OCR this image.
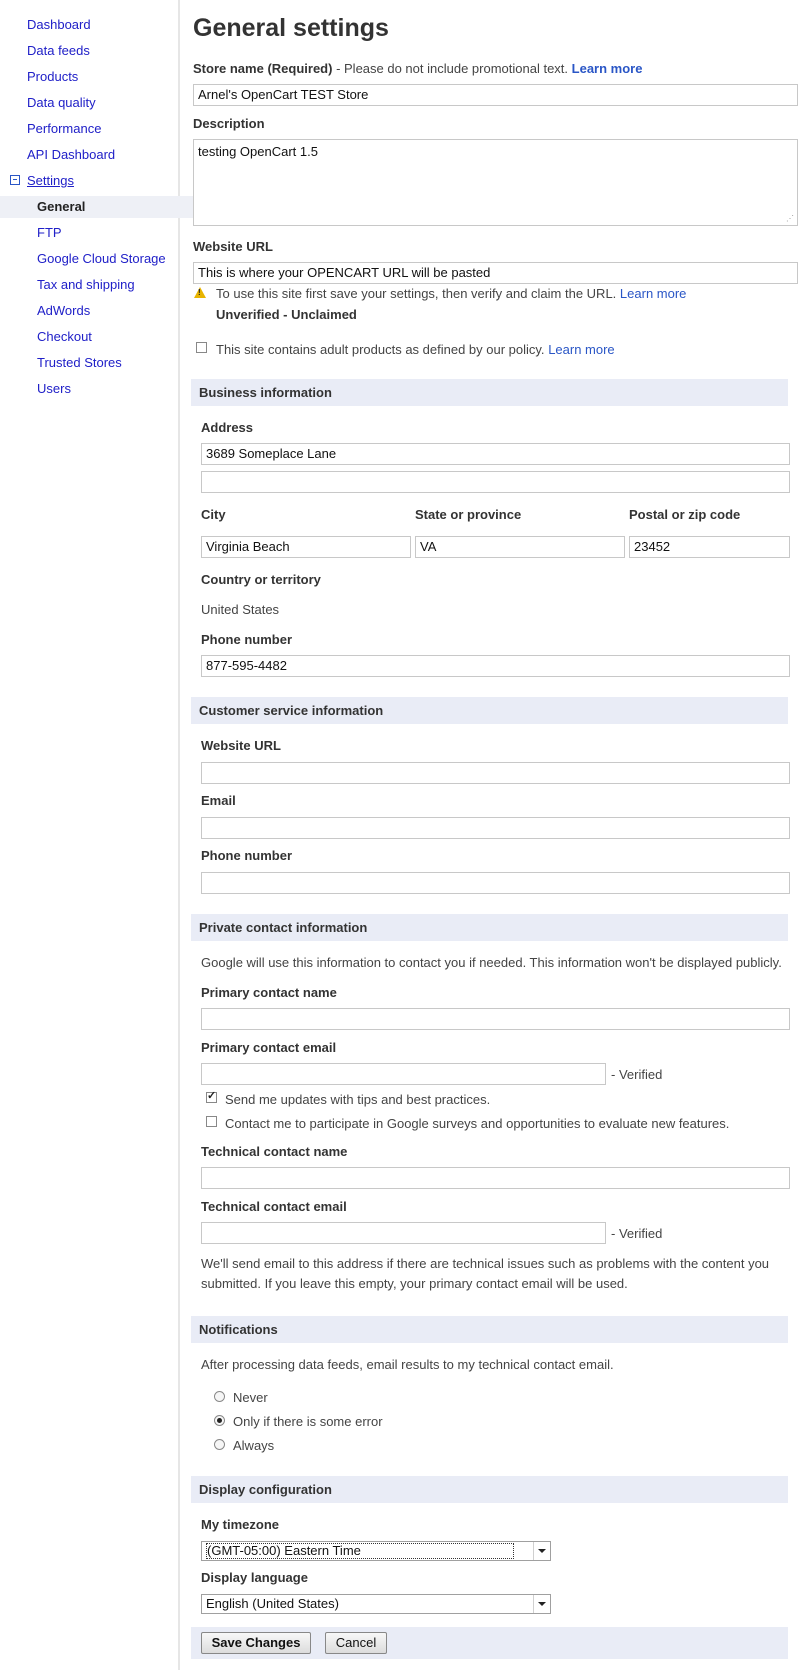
Dashboard
Data feeds
Products
Data quality
Performance
API Dashboard
Settings
General
FTP
Google Cloud Storage
Tax and shipping
AdWords
Checkout
Trusted Stores
Users
General settings
Store name (Required) - Please do not include promotional text. Learn more
Arnel's OpenCart TEST Store
Description
testing OpenCart 1.5
⋰
Website URL
This is where your OPENCART URL will be pasted
!
To use this site first save your settings, then verify and claim the URL. Learn more
Unverified - Unclaimed
This site contains adult products as defined by our policy. Learn more
Business information
Address
3689 Someplace Lane
City	State or province	Postal or zip code
Virginia Beach	VA	23452
Country or territory
United States
Phone number
877-595-4482
Customer service information
Website URL
Email
Phone number
Private contact information
Google will use this information to contact you if needed. This information won't be displayed publicly.
Primary contact name
Primary contact email
- Verified
✓
Send me updates with tips and best practices.
Contact me to participate in Google surveys and opportunities to evaluate new features.
Technical contact name
Technical contact email
- Verified
We'll send email to this address if there are technical issues such as problems with the content you
submitted. If you leave this empty, your primary contact email will be used.
Notifications
After processing data feeds, email results to my technical contact email.
Never
Only if there is some error
Always
Display configuration
My timezone
(GMT-05:00) Eastern Time
Display language
English (United States)
Save Changes	Cancel
